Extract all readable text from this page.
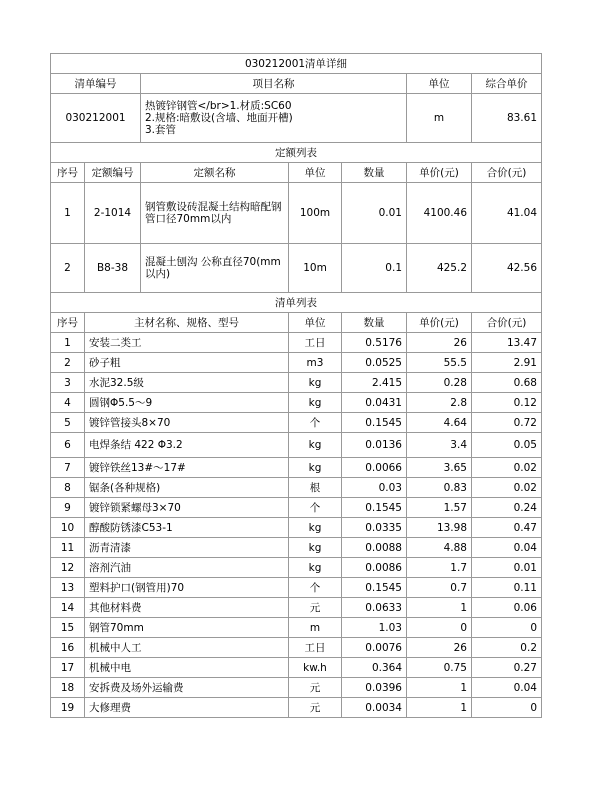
030212001清单详细						
清单编号		项目名称			单位	综合单价
030212001		热镀锌钢管</br>1.材质:SC60
2.规格:暗敷设(含墙、地面开槽)
3.套管			m	83.61
定额列表						
序号	定额编号	定额名称	单位	数量	单价(元)	合价(元)
1	2-1014	钢管敷设砖混凝土结构暗配钢管口径70mm以内	100m	0.01	4100.46	41.04
2	B8-38	混凝土刨沟 公称直径70(mm以内)	10m	0.1	425.2	42.56
清单列表						
序号	主材名称、规格、型号		单位	数量	单价(元)	合价(元)
1	安装二类工		工日	0.5176	26	13.47
2	砂子粗		m3	0.0525	55.5	2.91
3	水泥32.5级		kg	2.415	0.28	0.68
4	圆钢Φ5.5～9		kg	0.0431	2.8	0.12
5	镀锌管接头8×70		个	0.1545	4.64	0.72
6	电焊条结 422 Φ3.2		kg	0.0136	3.4	0.05
7	镀锌铁丝13#～17#		kg	0.0066	3.65	0.02
8	锯条(各种规格)		根	0.03	0.83	0.02
9	镀锌锁紧螺母3×70		个	0.1545	1.57	0.24
10	醇酸防锈漆C53-1		kg	0.0335	13.98	0.47
11	沥青清漆		kg	0.0088	4.88	0.04
12	溶剂汽油		kg	0.0086	1.7	0.01
13	塑料护口(钢管用)70		个	0.1545	0.7	0.11
14	其他材料费		元	0.0633	1	0.06
15	钢管70mm		m	1.03	0	0
16	机械中人工		工日	0.0076	26	0.2
17	机械中电		kw.h	0.364	0.75	0.27
18	安拆费及场外运输费		元	0.0396	1	0.04
19	大修理费		元	0.0034	1	0
